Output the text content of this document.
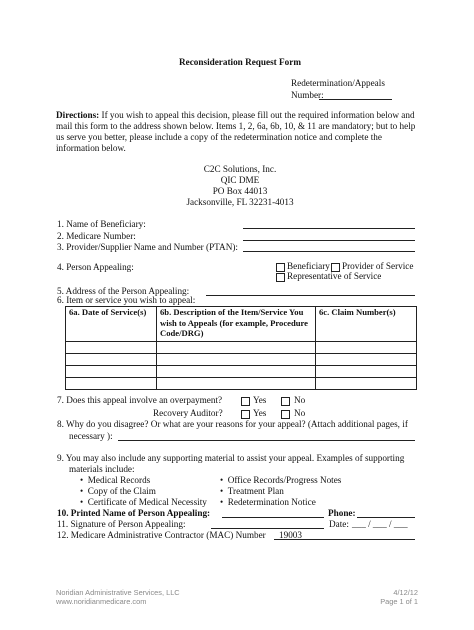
Reconsideration Request Form
Redetermination/Appeals
Number:
Directions: If you wish to appeal this decision, please fill out the required information below and
mail this form to the address shown below. Items 1, 2, 6a, 6b, 10, & 11 are mandatory; but to help
us serve you better, please include a copy of the redetermination notice and complete the
information below.
C2C Solutions, Inc.
QIC DME
PO Box 44013
Jacksonville, FL 32231-4013
1. Name of Beneficiary:
2. Medicare Number:
3. Provider/Supplier Name and Number (PTAN):
4. Person Appealing:	Beneficiary Provider of Service
Representative of Service
5. Address of the Person Appealing:
6. Item or service you wish to appeal:
6a. Date of Service(s)	6b. Description of the Item/Service You wish to Appeals (for example, Procedure Code/DRG)	6c. Claim Number(s)

7. Does this appeal involve an overpayment?	Yes	No
Recovery Auditor?	Yes	No
8. Why do you disagree? Or what are your reasons for your appeal? (Attach additional pages, if
necessary ):
9. You may also include any supporting material to assist your appeal. Examples of supporting
materials include:
• Medical Records
• Copy of the Claim
• Certificate of Medical Necessity
• Office Records/Progress Notes
• Treatment Plan
• Redetermination Notice
10. Printed Name of Person Appealing:	Phone:
11. Signature of Person Appealing:	Date: ___ / ___ / ___
12. Medicare Administrative Contractor (MAC) Number 19003
Noridian Administrative Services, LLC
www.noridianmedicare.com
4/12/12
Page 1 of 1
